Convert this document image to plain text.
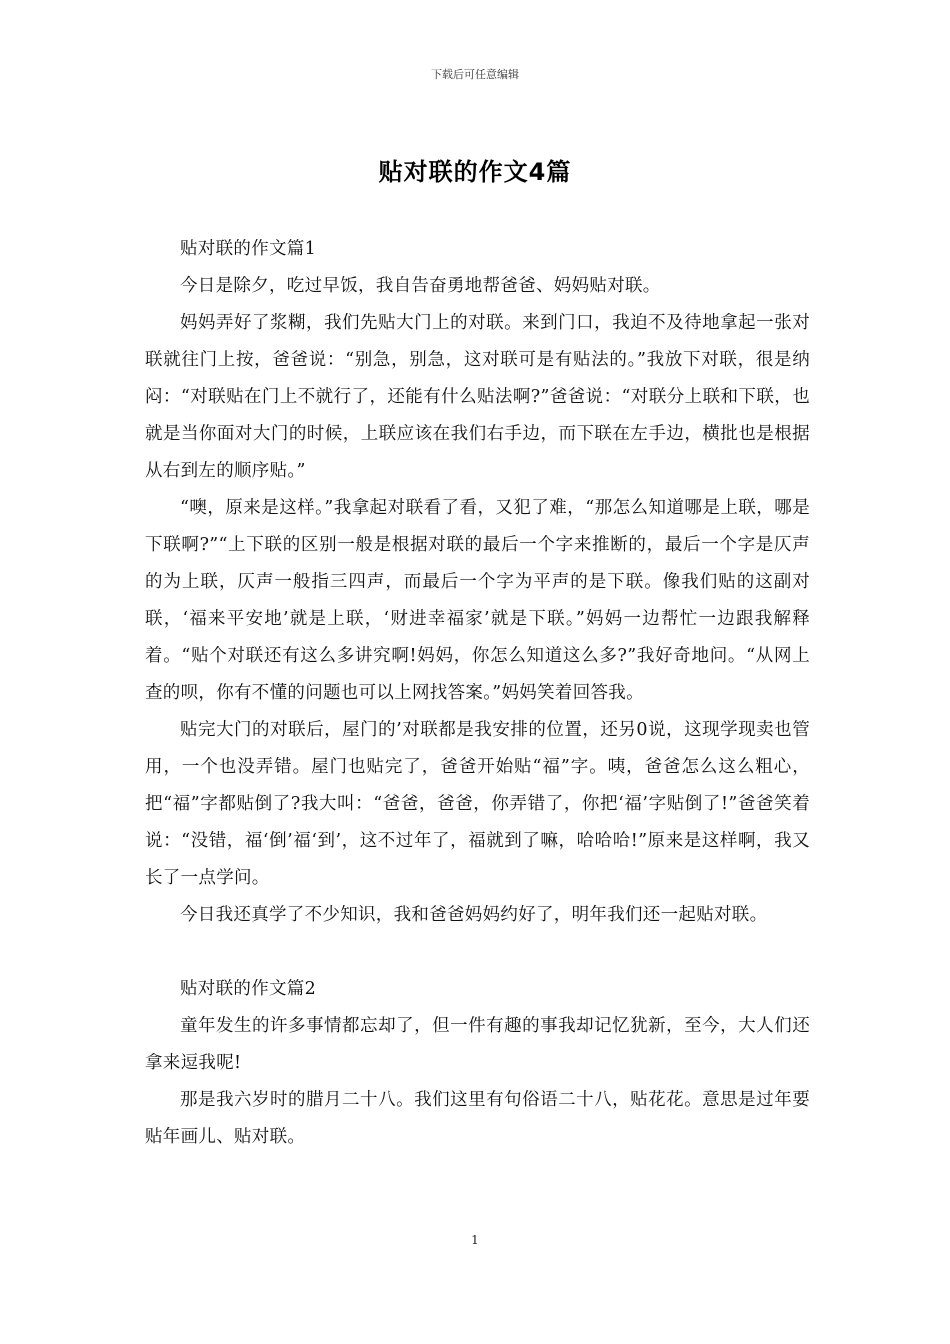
下载后可任意编辑
贴对联的作文4篇

贴对联的作文篇1

今日是除夕，吃过早饭，我自告奋勇地帮爸爸、妈妈贴对联。

妈妈弄好了浆糊，我们先贴大门上的对联。来到门口，我迫不及待地拿起一张对联就往门上按，爸爸说：“别急，别急，这对联可是有贴法的。”我放下对联，很是纳闷：“对联贴在门上不就行了，还能有什么贴法啊?”爸爸说：“对联分上联和下联，也就是当你面对大门的时候，上联应该在我们右手边，而下联在左手边，横批也是根据从右到左的顺序贴。”

“噢，原来是这样。”我拿起对联看了看，又犯了难，“那怎么知道哪是上联，哪是下联啊?”“上下联的区别一般是根据对联的最后一个字来推断的，最后一个字是仄声的为上联，仄声一般指三四声，而最后一个字为平声的是下联。像我们贴的这副对联，‘福来平安地’就是上联，‘财进幸福家’就是下联。”妈妈一边帮忙一边跟我解释着。“贴个对联还有这么多讲究啊!妈妈，你怎么知道这么多?”我好奇地问。“从网上查的呗，你有不懂的问题也可以上网找答案。”妈妈笑着回答我。

贴完大门的对联后，屋门的’对联都是我安排的位置，还另0说，这现学现卖也管用，一个也没弄错。屋门也贴完了，爸爸开始贴“福”字。咦，爸爸怎么这么粗心，把“福”字都贴倒了?我大叫：“爸爸，爸爸，你弄错了，你把‘福’字贴倒了!”爸爸笑着说：“没错，福‘倒’福‘到’，这不过年了，福就到了嘛，哈哈哈!”原来是这样啊，我又长了一点学问。

今日我还真学了不少知识，我和爸爸妈妈约好了，明年我们还一起贴对联。

贴对联的作文篇2

童年发生的许多事情都忘却了，但一件有趣的事我却记忆犹新，至今，大人们还拿来逗我呢!

那是我六岁时的腊月二十八。我们这里有句俗语二十八，贴花花。意思是过年要贴年画儿、贴对联。

1
